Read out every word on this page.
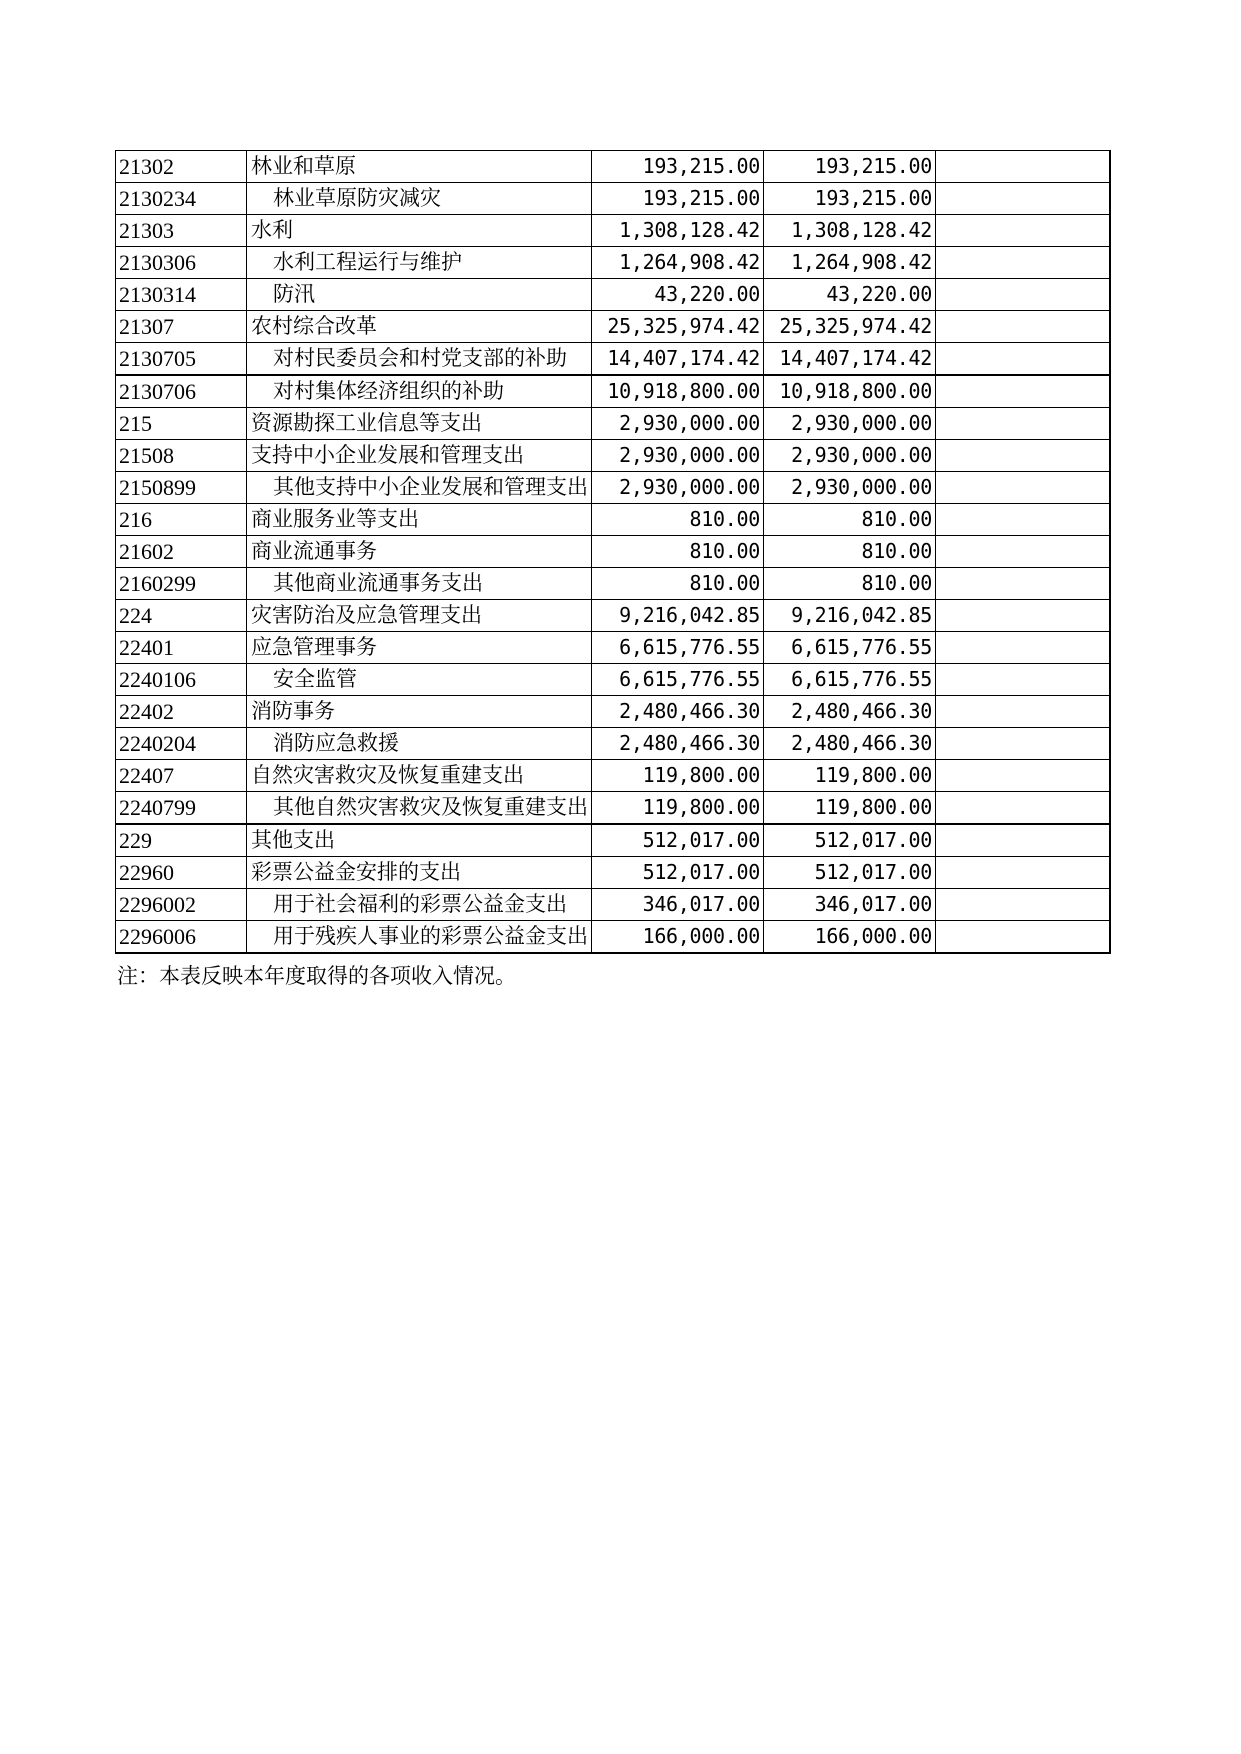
21302	林业和草原	193,215.00	193,215.00	
2130234	林业草原防灾减灾	193,215.00	193,215.00	
21303	水利	1,308,128.42	1,308,128.42	
2130306	水利工程运行与维护	1,264,908.42	1,264,908.42	
2130314	防汛	43,220.00	43,220.00	
21307	农村综合改革	25,325,974.42	25,325,974.42	
2130705	对村民委员会和村党支部的补助	14,407,174.42	14,407,174.42	
2130706	对村集体经济组织的补助	10,918,800.00	10,918,800.00	
215	资源勘探工业信息等支出	2,930,000.00	2,930,000.00	
21508	支持中小企业发展和管理支出	2,930,000.00	2,930,000.00	
2150899	其他支持中小企业发展和管理支出	2,930,000.00	2,930,000.00	
216	商业服务业等支出	810.00	810.00	
21602	商业流通事务	810.00	810.00	
2160299	其他商业流通事务支出	810.00	810.00	
224	灾害防治及应急管理支出	9,216,042.85	9,216,042.85	
22401	应急管理事务	6,615,776.55	6,615,776.55	
2240106	安全监管	6,615,776.55	6,615,776.55	
22402	消防事务	2,480,466.30	2,480,466.30	
2240204	消防应急救援	2,480,466.30	2,480,466.30	
22407	自然灾害救灾及恢复重建支出	119,800.00	119,800.00	
2240799	其他自然灾害救灾及恢复重建支出	119,800.00	119,800.00	
229	其他支出	512,017.00	512,017.00	
22960	彩票公益金安排的支出	512,017.00	512,017.00	
2296002	用于社会福利的彩票公益金支出	346,017.00	346,017.00	
2296006	用于残疾人事业的彩票公益金支出	166,000.00	166,000.00	
注：本表反映本年度取得的各项收入情况。
